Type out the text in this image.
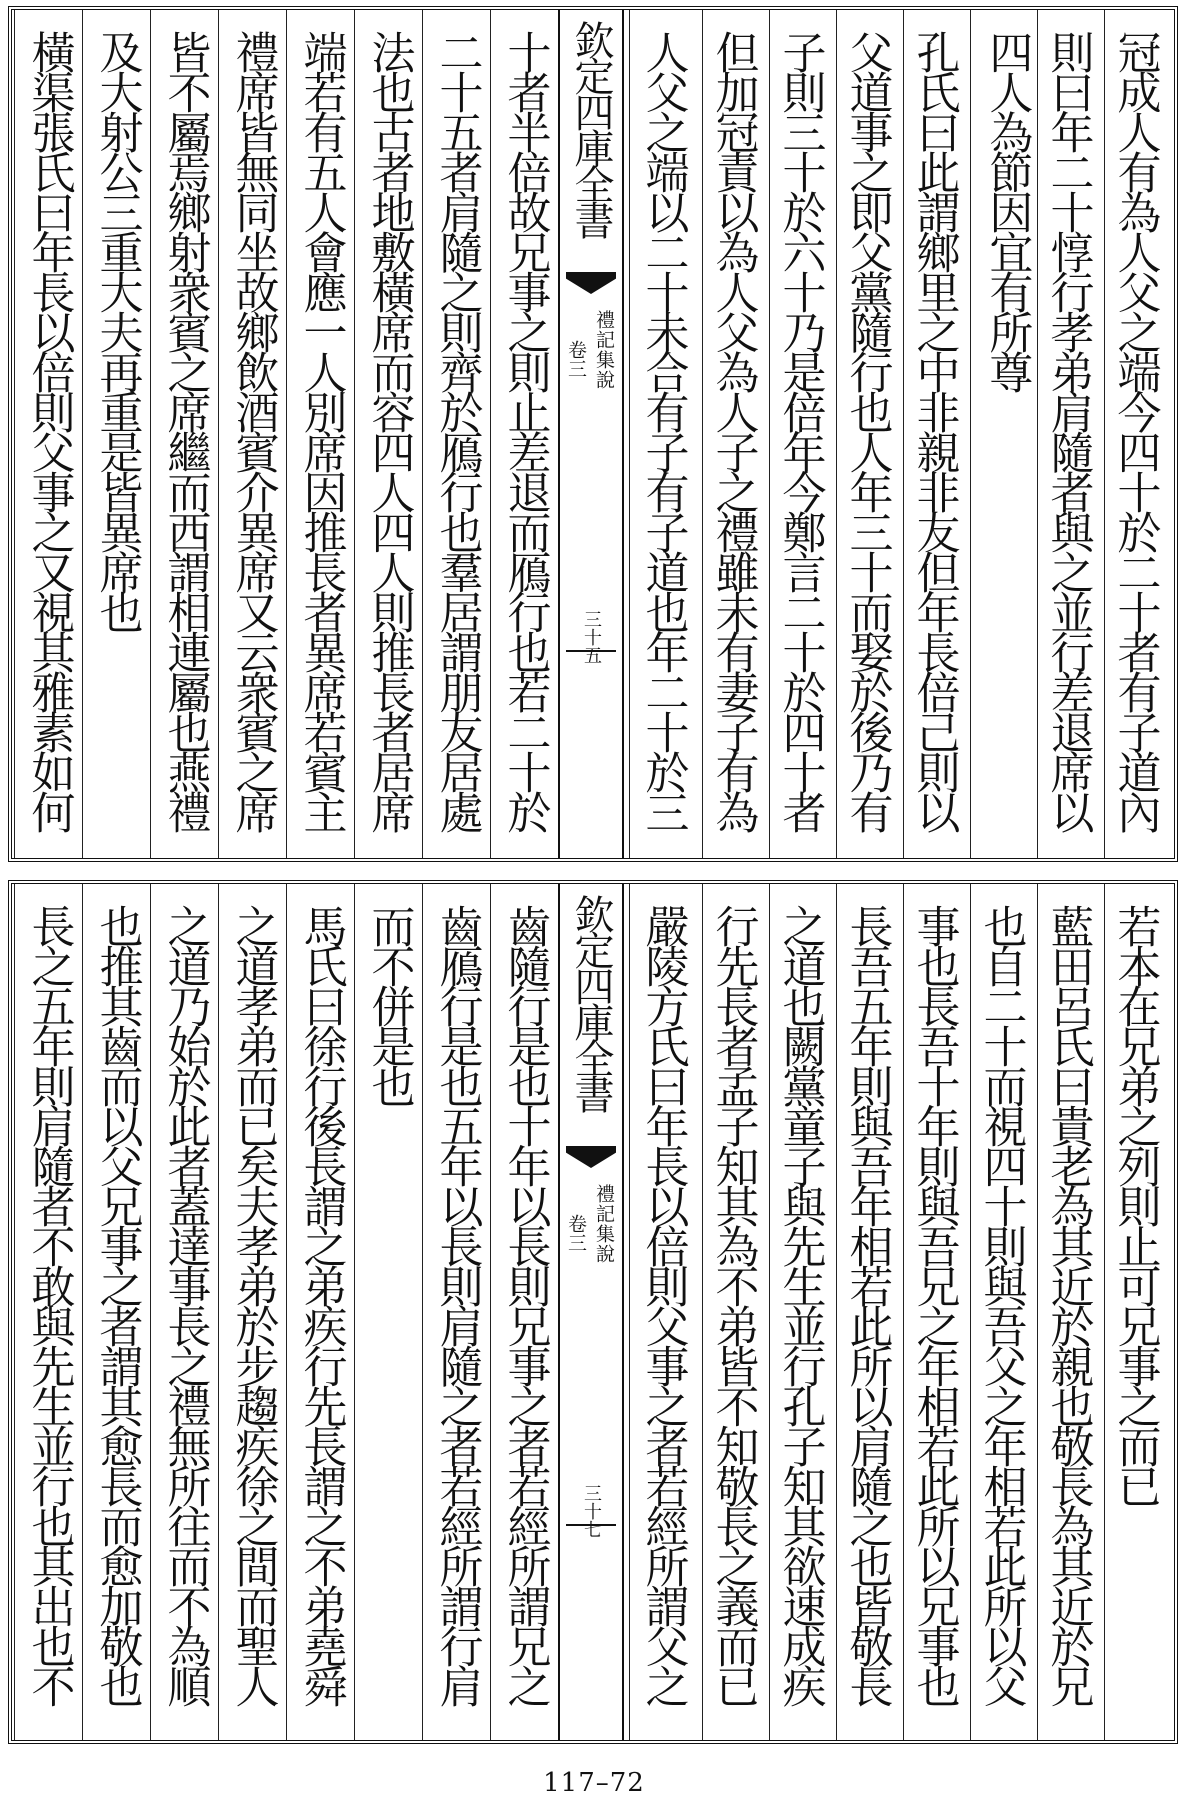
冠成人有為人父之端今四十於二十者有子道內
則曰年二十惇行孝弟肩隨者與之並行差退席以
四人為節因宜有所尊
孔氏曰此謂鄉里之中非親非友但年長倍己則以
父道事之即父黨隨行也人年三十而娶於後乃有
子則三十於六十乃是倍年今鄭言二十於四十者
但加冠責以為人父為人子之禮雖未有妻子有為
人父之端以二十未合有子有子道也年二十於三
欽定四庫全書
禮記集說
卷三
三十五
十者半倍故兄事之則止差退而鴈行也若二十於
二十五者肩隨之則齊於鴈行也羣居謂朋友居處
法也古者地敷橫席而容四人四人則推長者居席
端若有五人會應一人別席因推長者異席若賓主
禮席皆無同坐故鄉飲酒賓介異席又云衆賓之席
皆不屬焉鄉射衆賓之席繼而西謂相連屬也燕禮
及大射公三重大夫再重是皆異席也
橫渠張氏曰年長以倍則父事之又視其雅素如何
若本在兄弟之列則止可兄事之而已
藍田呂氏曰貴老為其近於親也敬長為其近於兄
也自二十而視四十則與吾父之年相若此所以父
事也長吾十年則與吾兄之年相若此所以兄事也
長吾五年則與吾年相若此所以肩隨之也皆敬長
之道也闕黨童子與先生並行孔子知其欲速成疾
行先長者孟子知其為不弟皆不知敬長之義而已
嚴陵方氏曰年長以倍則父事之者若經所謂父之
欽定四庫全書
禮記集說
卷三
三十七
齒隨行是也十年以長則兄事之者若經所謂兄之
齒鴈行是也五年以長則肩隨之者若經所謂行肩
而不併是也
馬氏曰徐行後長謂之弟疾行先長謂之不弟堯舜
之道孝弟而已矣夫孝弟於步趨疾徐之間而聖人
之道乃始於此者蓋達事長之禮無所往而不為順
也推其齒而以父兄事之者謂其愈長而愈加敬也
長之五年則肩隨者不敢與先生並行也其出也不
117–72
